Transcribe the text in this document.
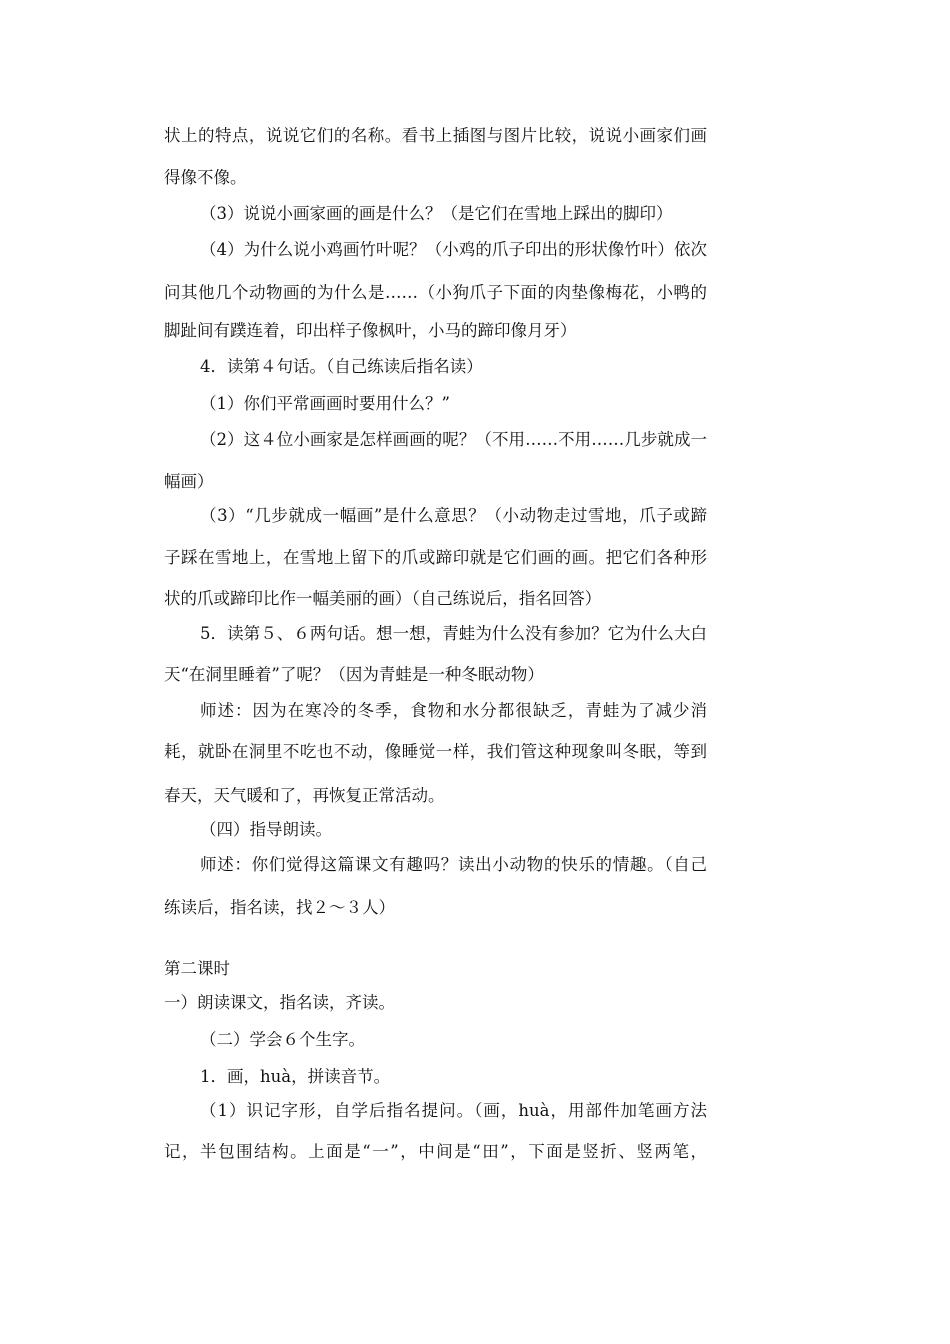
状上的特点，说说它们的名称。看书上插图与图片比较，说说小画家们画
得像不像。
（3）说说小画家画的画是什么？（是它们在雪地上踩出的脚印）
（4）为什么说小鸡画竹叶呢？（小鸡的爪子印出的形状像竹叶）依次
问其他几个动物画的为什么是……（小狗爪子下面的肉垫像梅花，小鸭的
脚趾间有蹼连着，印出样子像枫叶，小马的蹄印像月牙）
4．读第４句话。（自己练读后指名读）
（1）你们平常画画时要用什么？”
（2）这４位小画家是怎样画画的呢？（不用……不用……几步就成一
幅画）
（3）“几步就成一幅画”是什么意思？（小动物走过雪地，爪子或蹄
子踩在雪地上，在雪地上留下的爪或蹄印就是它们画的画。把它们各种形
状的爪或蹄印比作一幅美丽的画）（自己练说后，指名回答）
5．读第５、６两句话。想一想，青蛙为什么没有参加？它为什么大白
天“在洞里睡着”了呢？（因为青蛙是一种冬眠动物）
师述：因为在寒冷的冬季，食物和水分都很缺乏，青蛙为了减少消
耗，就卧在洞里不吃也不动，像睡觉一样，我们管这种现象叫冬眠，等到
春天，天气暖和了，再恢复正常活动。
（四）指导朗读。
师述：你们觉得这篇课文有趣吗？读出小动物的快乐的情趣。（自己
练读后，指名读，找２～３人）
第二课时
一）朗读课文，指名读，齐读。
（二）学会６个生字。
1．画，huà，拼读音节。
（1）识记字形，自学后指名提问。（画，huà，用部件加笔画方法
记，半包围结构。上面是“一”，中间是“田”，下面是竖折、竖两笔，
